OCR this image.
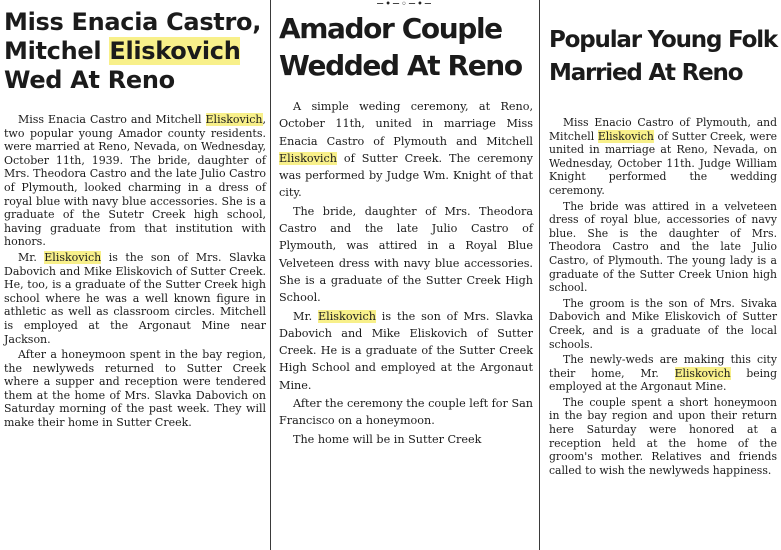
Miss Enacia Castro,
Mitchel Eliskovich
Wed At Reno

Miss Enacia Castro and Mitchell Eliskovich, two popular young Amador county residents. were married at Reno, Nevada, on Wednesday, October 11th, 1939. The bride, daughter of Mrs. Theodora Castro and the late Julio Castro of Plymouth, looked charming in a dress of royal blue with navy blue accessories. She is a graduate of the Sutetr Creek high school, having graduate from that institution with honors.

Mr. Eliskovich is the son of Mrs. Slavka Dabovich and Mike Eliskovich of Sutter Creek. He, too, is a graduate of the Sutter Creek high school where he was a well known figure in athletic as well as classroom circles. Mitchell is employed at the Argonaut Mine near Jackson.

After a honeymoon spent in the bay region, the newlyweds returned to Sutter Creek where a supper and reception were tendered them at the home of Mrs. Slavka Dabovich on Saturday morning of the past week. They will make their home in Sutter Creek.

─•─◦─•─
Amador Couple
Wedded At Reno

A simple weding ceremony, at Reno, October 11th, united in marriage Miss Enacia Castro of Plymouth and Mitchell Eliskovich of Sutter Creek. The ceremony was performed by Judge Wm. Knight of that city.

The bride, daughter of Mrs. Theodora Castro and the late Julio Castro of Plymouth, was attired in a Royal Blue Velveteen dress with navy blue accessories. She is a graduate of the Sutter Creek High School.

Mr. Eliskovich is the son of Mrs. Slavka Dabovich and Mike Eliskovich of Sutter Creek. He is a graduate of the Sutter Creek High School and employed at the Argonaut Mine.

After the ceremony the couple left for San Francisco on a honeymoon.

The home will be in Sutter Creek

Popular Young Folk
Married At Reno

Miss Enacio Castro of Plymouth, and Mitchell Eliskovich of Sutter Creek, were united in marriage at Reno, Nevada, on Wednesday, October 11th. Judge William Knight performed the wedding ceremony.

The bride was attired in a velveteen dress of royal blue, accessories of navy blue. She is the daughter of Mrs. Theodora Castro and the late Julio Castro, of Plymouth. The young lady is a graduate of the Sutter Creek Union high school.

The groom is the son of Mrs. Sivaka Dabovich and Mike Eliskovich of Sutter Creek, and is a graduate of the local schools.

The newly-weds are making this city their home, Mr. Eliskovich being employed at the Argonaut Mine.

The couple spent a short honeymoon in the bay region and upon their return here Saturday were honored at a reception held at the home of the groom's mother. Relatives and friends called to wish the newlyweds happiness.
